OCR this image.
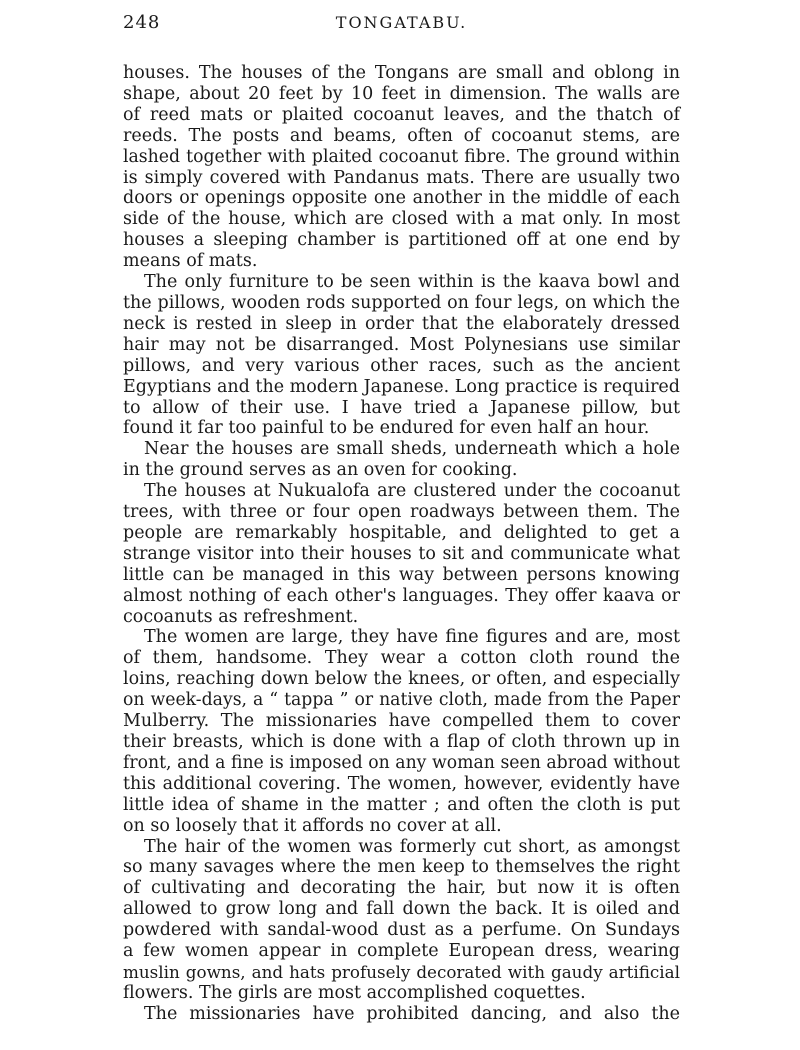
248	TONGATABU.
houses. The houses of the Tongans are small and oblong in
shape, about 20 feet by 10 feet in dimension. The walls are
of reed mats or plaited cocoanut leaves, and the thatch of
reeds. The posts and beams, often of cocoanut stems, are
lashed together with plaited cocoanut fibre. The ground within
is simply covered with Pandanus mats. There are usually two
doors or openings opposite one another in the middle of each
side of the house, which are closed with a mat only. In most
houses a sleeping chamber is partitioned off at one end by
means of mats.
The only furniture to be seen within is the kaava bowl and
the pillows, wooden rods supported on four legs, on which the
neck is rested in sleep in order that the elaborately dressed
hair may not be disarranged. Most Polynesians use similar
pillows, and very various other races, such as the ancient
Egyptians and the modern Japanese. Long practice is required
to allow of their use. I have tried a Japanese pillow, but
found it far too painful to be endured for even half an hour.
Near the houses are small sheds, underneath which a hole
in the ground serves as an oven for cooking.
The houses at Nukualofa are clustered under the cocoanut
trees, with three or four open roadways between them. The
people are remarkably hospitable, and delighted to get a
strange visitor into their houses to sit and communicate what
little can be managed in this way between persons knowing
almost nothing of each other's languages. They offer kaava or
cocoanuts as refreshment.
The women are large, they have fine figures and are, most
of them, handsome. They wear a cotton cloth round the
loins, reaching down below the knees, or often, and especially
on week-days, a “ tappa ” or native cloth, made from the Paper
Mulberry. The missionaries have compelled them to cover
their breasts, which is done with a flap of cloth thrown up in
front, and a fine is imposed on any woman seen abroad without
this additional covering. The women, however, evidently have
little idea of shame in the matter ; and often the cloth is put
on so loosely that it affords no cover at all.
The hair of the women was formerly cut short, as amongst
so many savages where the men keep to themselves the right
of cultivating and decorating the hair, but now it is often
allowed to grow long and fall down the back. It is oiled and
powdered with sandal-wood dust as a perfume. On Sundays
a few women appear in complete European dress, wearing
muslin gowns, and hats profusely decorated with gaudy artificial
flowers. The girls are most accomplished coquettes.
The missionaries have prohibited dancing, and also the
